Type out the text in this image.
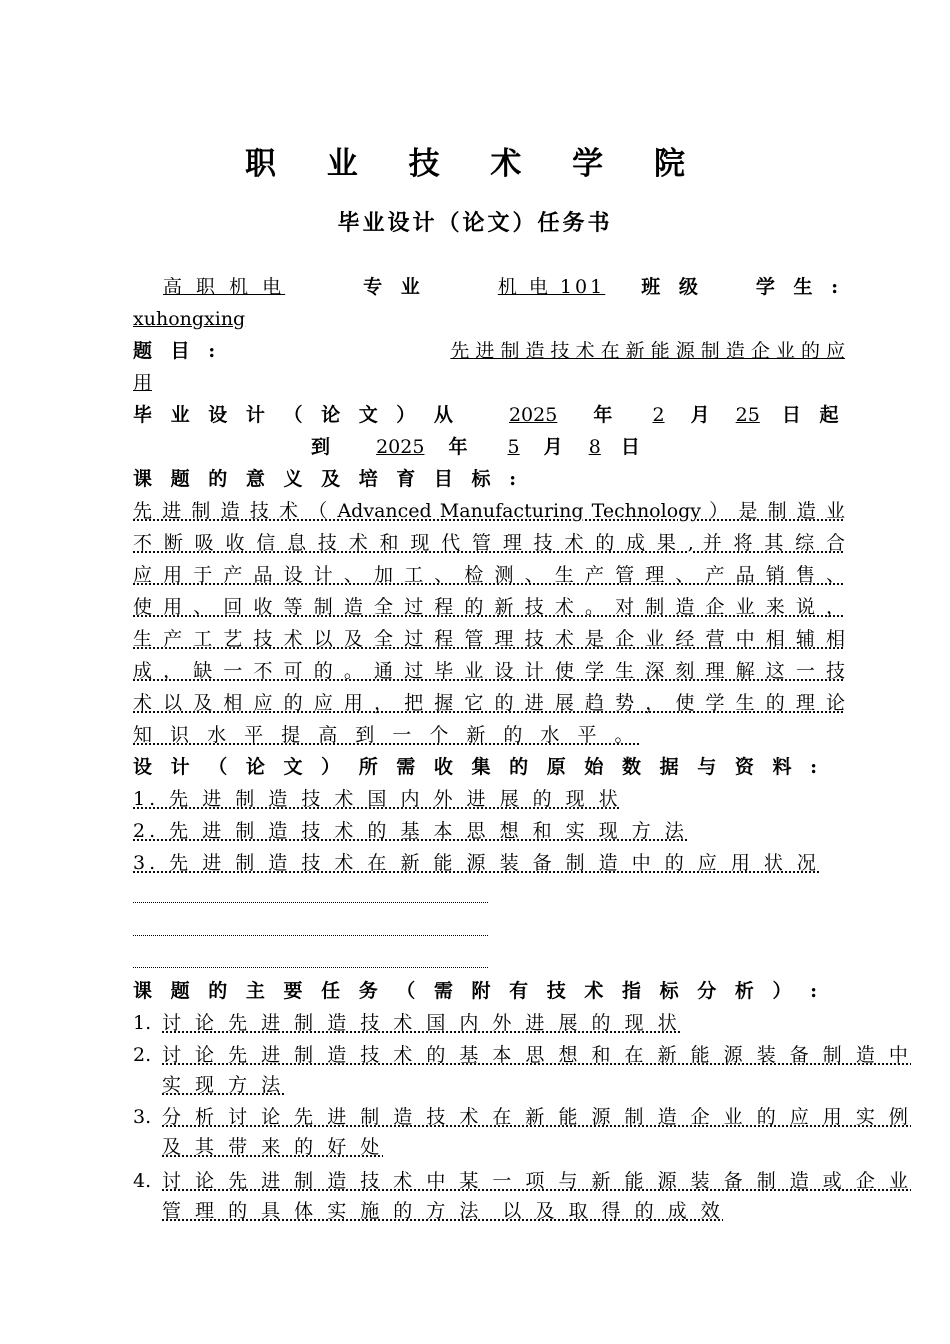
职 业 技 术 学 院
毕业设计（论文）任务书
高 职 机 电	专 业	机 电 101 班 级	学 生 :
xuhongxing
题 目 :	先 进 制 造 技 术 在 新 能 源 制 造 企 业 的 应
用
毕 业 设 计 （ 论 文 ） 从	2025 年 2 月 25 日 起
到 2025 年 5 月 8 日
课 题 的 意 义 及 培 育 目 标 :
先 进 制 造 技 术 （ Advanced Manufacturing Technology ） 是 制 造 业
不 断 吸 收 信 息 技 术 和 现 代 管 理 技 术 的 成 果 , 并 将 其 综 合
应 用 于 产 品 设 计 、 加 工 、 检 测 、 生 产 管 理 、 产 品 销 售 、
使 用 、 回 收 等 制 造 全 过 程 的 新 技 术 。 对 制 造 企 业 来 说 ，
生 产 工 艺 技 术 以 及 全 过 程 管 理 技 术 是 企 业 经 营 中 相 辅 相
成 ， 缺 一 不 可 的 。 通 过 毕 业 设 计 使 学 生 深 刻 理 解 这 一 技
术 以 及 相 应 的 应 用 ， 把 握 它 的 进 展 趋 势 ， 使 学 生 的 理 论
知 识 水 平 提 高 到 一 个 新 的 水 平 。
设 计 （ 论 文 ） 所 需 收 集 的 原 始 数 据 与 资 料 :
1. 先 进 制 造 技 术 国 内 外 进 展 的 现 状
2. 先 进 制 造 技 术 的 基 本 思 想 和 实 现 方 法
3. 先 进 制 造 技 术 在 新 能 源 装 备 制 造 中 的 应 用 状 况
课 题 的 主 要 任 务 （ 需 附 有 技 术 指 标 分 析 ） :
1. 讨 论 先 进 制 造 技 术 国 内 外 进 展 的 现 状
2. 讨 论 先 进 制 造 技 术 的 基 本 思 想 和 在 新 能 源 装 备 制 造 中
实 现 方 法
3. 分 析 讨 论 先 进 制 造 技 术 在 新 能 源 制 造 企 业 的 应 用 实 例
及 其 带 来 的 好 处
4. 讨 论 先 进 制 造 技 术 中 某 一 项 与 新 能 源 装 备 制 造 或 企 业
管 理 的 具 体 实 施 的 方 法  以 及 取 得 的 成 效
